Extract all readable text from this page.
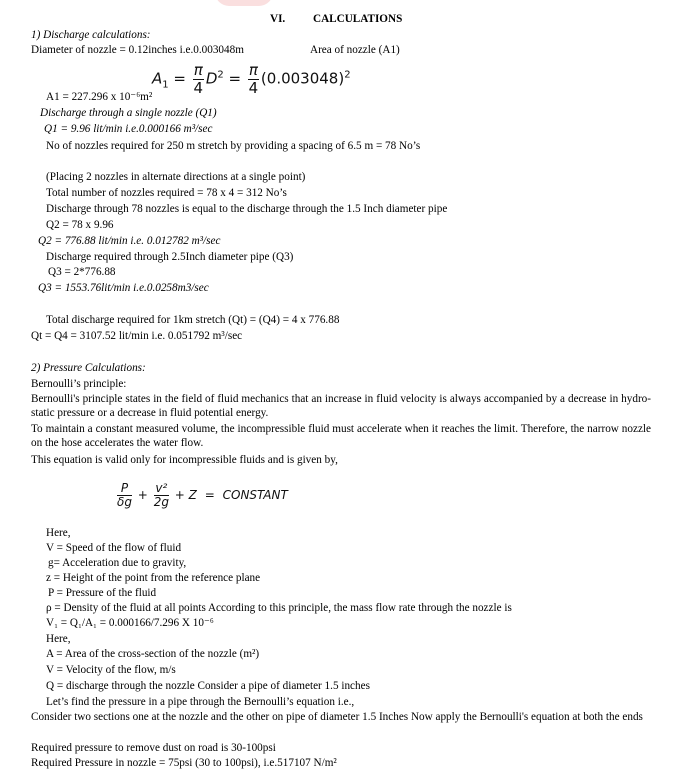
VI. CALCULATIONS
1) Discharge calculations:
Diameter of nozzle = 0.12inches i.e.0.003048m	Area of nozzle (A1)
$A_1 = \frac{\pi}{4} D^2 = \frac{\pi}{4} (0.003048)^2$
A1 = 227.296 x 10⁻⁶m²
Discharge through a single nozzle (Q1)
Q1 = 9.96 lit/min i.e.0.000166 m³/sec
No of nozzles required for 250 m stretch by providing a spacing of 6.5 m = 78 No’s
(Placing 2 nozzles in alternate directions at a single point)
Total number of nozzles required = 78 x 4 = 312 No’s
Discharge through 78 nozzles is equal to the discharge through the 1.5 Inch diameter pipe
Q2 = 78 x 9.96
Q2 = 776.88 lit/min i.e. 0.012782 m³/sec
Discharge required through 2.5Inch diameter pipe (Q3)
Q3 = 2*776.88
Q3 = 1553.76lit/min i.e.0.0258m3/sec
Total discharge required for 1km stretch (Qt) = (Q4) = 4 x 776.88
Qt = Q4 = 3107.52 lit/min i.e. 0.051792 m³/sec
2) Pressure Calculations:
Bernoulli’s principle:
Bernoulli's principle states in the field of fluid mechanics that an increase in fluid velocity is always accompanied by a decrease in hydro-static pressure or a decrease in fluid potential energy.
To maintain a constant measured volume, the incompressible fluid must accelerate when it reaches the limit. Therefore, the narrow nozzle on the hose accelerates the water flow.
This equation is valid only for incompressible fluids and is given by,
$\frac{P}{\delta g} + \frac{\text{v²}}{2g} + Z$ = CONSTANT
Here,
V = Speed of the flow of fluid
g= Acceleration due to gravity,
z = Height of the point from the reference plane
P = Pressure of the fluid
ρ = Density of the fluid at all points According to this principle, the mass flow rate through the nozzle is
V₁ = Q₁/A₁ = 0.000166/7.296 X 10⁻⁶
Here,
A = Area of the cross-section of the nozzle (m²)
V = Velocity of the flow, m/s
Q = discharge through the nozzle Consider a pipe of diameter 1.5 inches
Let’s find the pressure in a pipe through the Bernoulli’s equation i.e.,
Consider two sections one at the nozzle and the other on pipe of diameter 1.5 Inches Now apply the Bernoulli's equation at both the ends
Required pressure to remove dust on road is 30-100psi
Required Pressure in nozzle = 75psi (30 to 100psi), i.e.517107 N/m²
